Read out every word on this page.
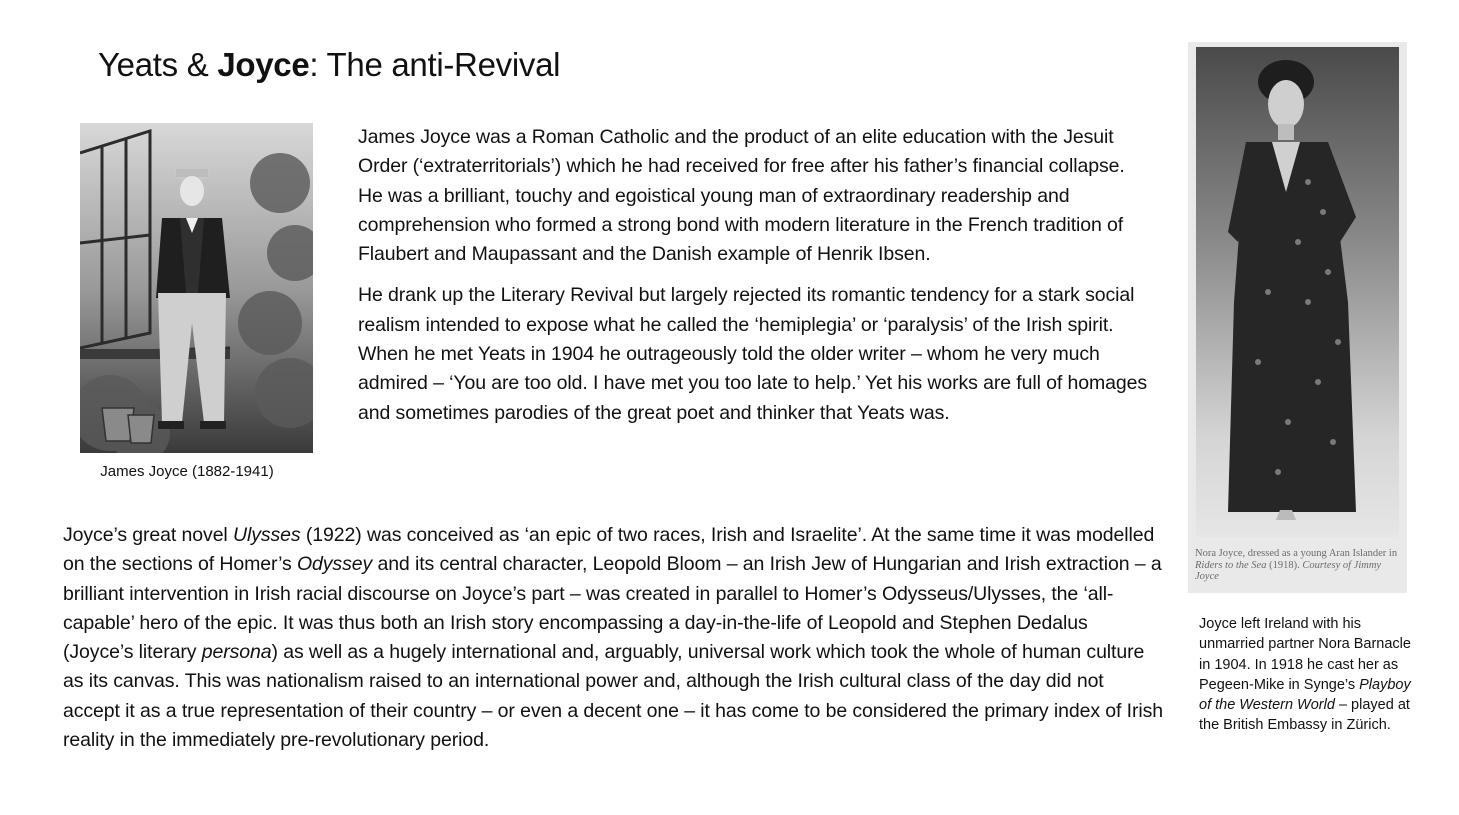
Yeats & Joyce: The anti-Revival
James Joyce (1882-1941)

James Joyce was a Roman Catholic and the product of an elite education with the Jesuit Order (‘extraterritorials’) which he had received for free after his father’s financial collapse. He was a brilliant, touchy and egoistical young man of extraordinary readership and comprehension who formed a strong bond with modern literature in the French tradition of Flaubert and Maupassant and the Danish example of Henrik Ibsen.

He drank up the Literary Revival but largely rejected its romantic tendency for a stark social realism intended to expose what he called the ‘hemiplegia’ or ‘paralysis’ of the Irish spirit. When he met Yeats in 1904 he outrageously told the older writer – whom he very much admired – ‘You are too old. I have met you too late to help.’ Yet his works are full of homages and sometimes parodies of the great poet and thinker that Yeats was.

Joyce’s great novel Ulysses (1922) was conceived as ‘an epic of two races, Irish and Israelite’. At the same time it was modelled on the sections of Homer’s Odyssey and its central character, Leopold Bloom – an Irish Jew of Hungarian and Irish extraction – a brilliant intervention in Irish racial discourse on Joyce’s part – was created in parallel to Homer’s Odysseus/Ulysses, the ‘all-capable’ hero of the epic. It was thus both an Irish story encompassing a day-in-the-life of Leopold and Stephen Dedalus (Joyce’s literary persona) as well as a hugely international and, arguably, universal work which took the whole of human culture as its canvas. This was nationalism raised to an international power and, although the Irish cultural class of the day did not accept it as a true representation of their country – or even a decent one – it has come to be considered the primary index of Irish reality in the immediately pre-revolutionary period.

Nora Joyce, dressed as a young Aran Islander in Riders to the Sea (1918). Courtesy of Jimmy Joyce
Joyce left Ireland with his unmarried partner Nora Barnacle in 1904. In 1918 he cast her as Pegeen-Mike in Synge’s Playboy of the Western World – played at the British Embassy in Zürich.
